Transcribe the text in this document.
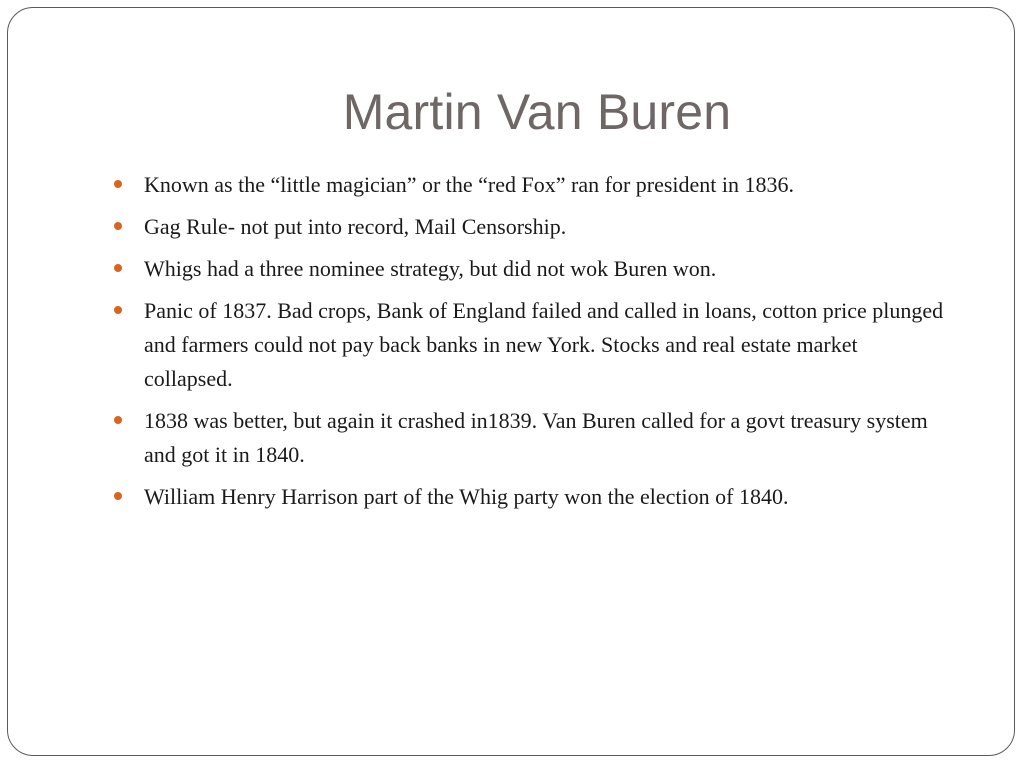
Martin Van Buren
Known as the “little magician” or the “red Fox” ran for president in 1836.
Gag Rule- not put into record, Mail Censorship.
Whigs had a three nominee strategy, but did not wok Buren won.
Panic of 1837. Bad crops, Bank of England failed and called in loans, cotton price plunged and farmers could not pay back banks in new York. Stocks and real estate market collapsed.
1838 was better, but again it crashed in1839. Van Buren called for a govt treasury system and got it in 1840.
William Henry Harrison part of the Whig party won the election of 1840.
